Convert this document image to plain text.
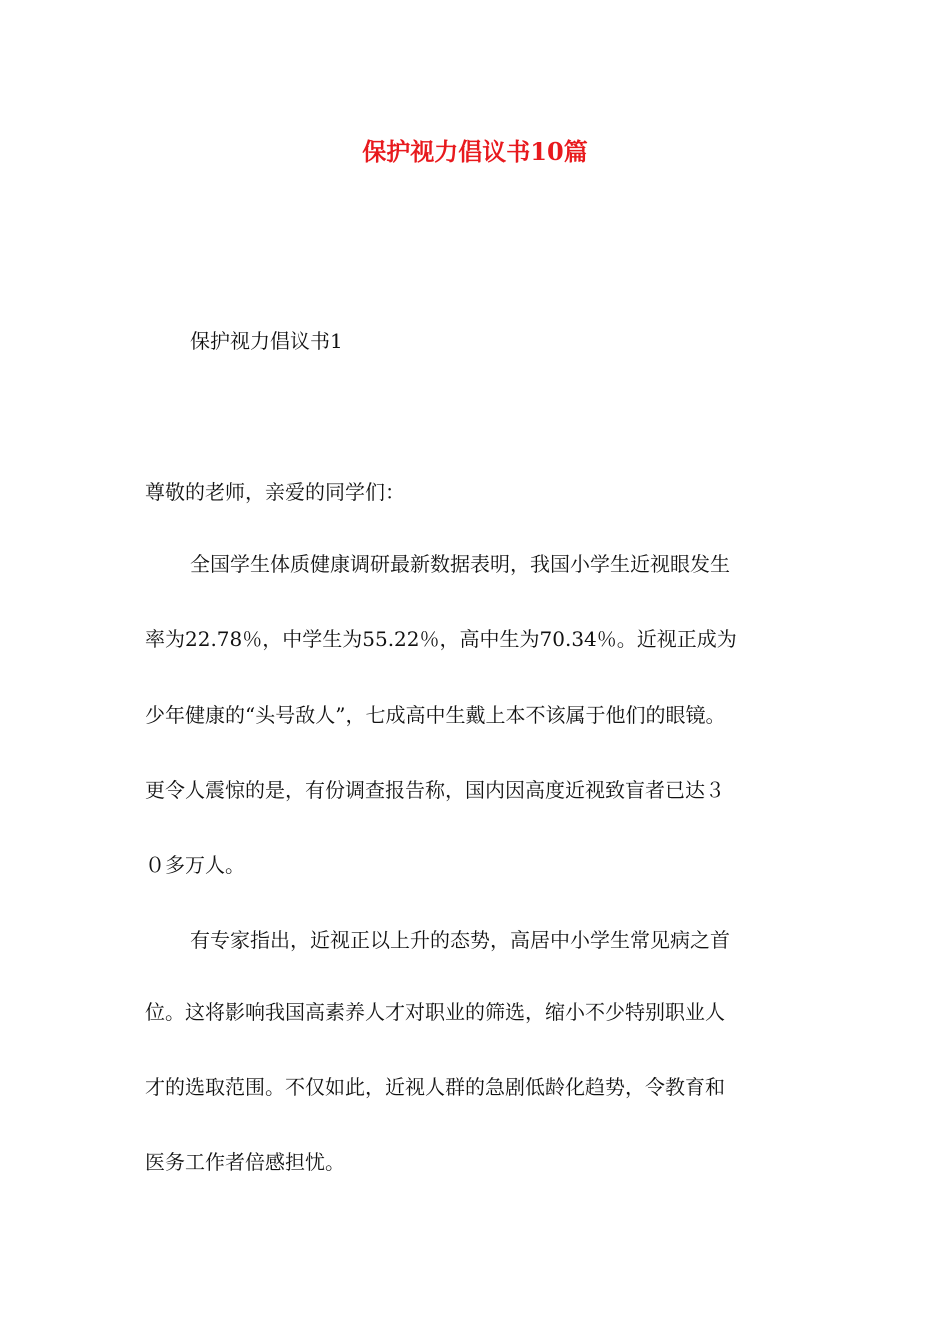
保护视力倡议书10篇

保护视力倡议书1

尊敬的老师，亲爱的同学们：

全国学生体质健康调研最新数据表明，我国小学生近视眼发生

率为22.78％，中学生为55.22％，高中生为70.34％。近视正成为

少年健康的“头号敌人”，七成高中生戴上本不该属于他们的眼镜。

更令人震惊的是，有份调查报告称，国内因高度近视致盲者已达３

０多万人。

有专家指出，近视正以上升的态势，高居中小学生常见病之首

位。这将影响我国高素养人才对职业的筛选，缩小不少特别职业人

才的选取范围。不仅如此，近视人群的急剧低龄化趋势，令教育和

医务工作者倍感担忧。
